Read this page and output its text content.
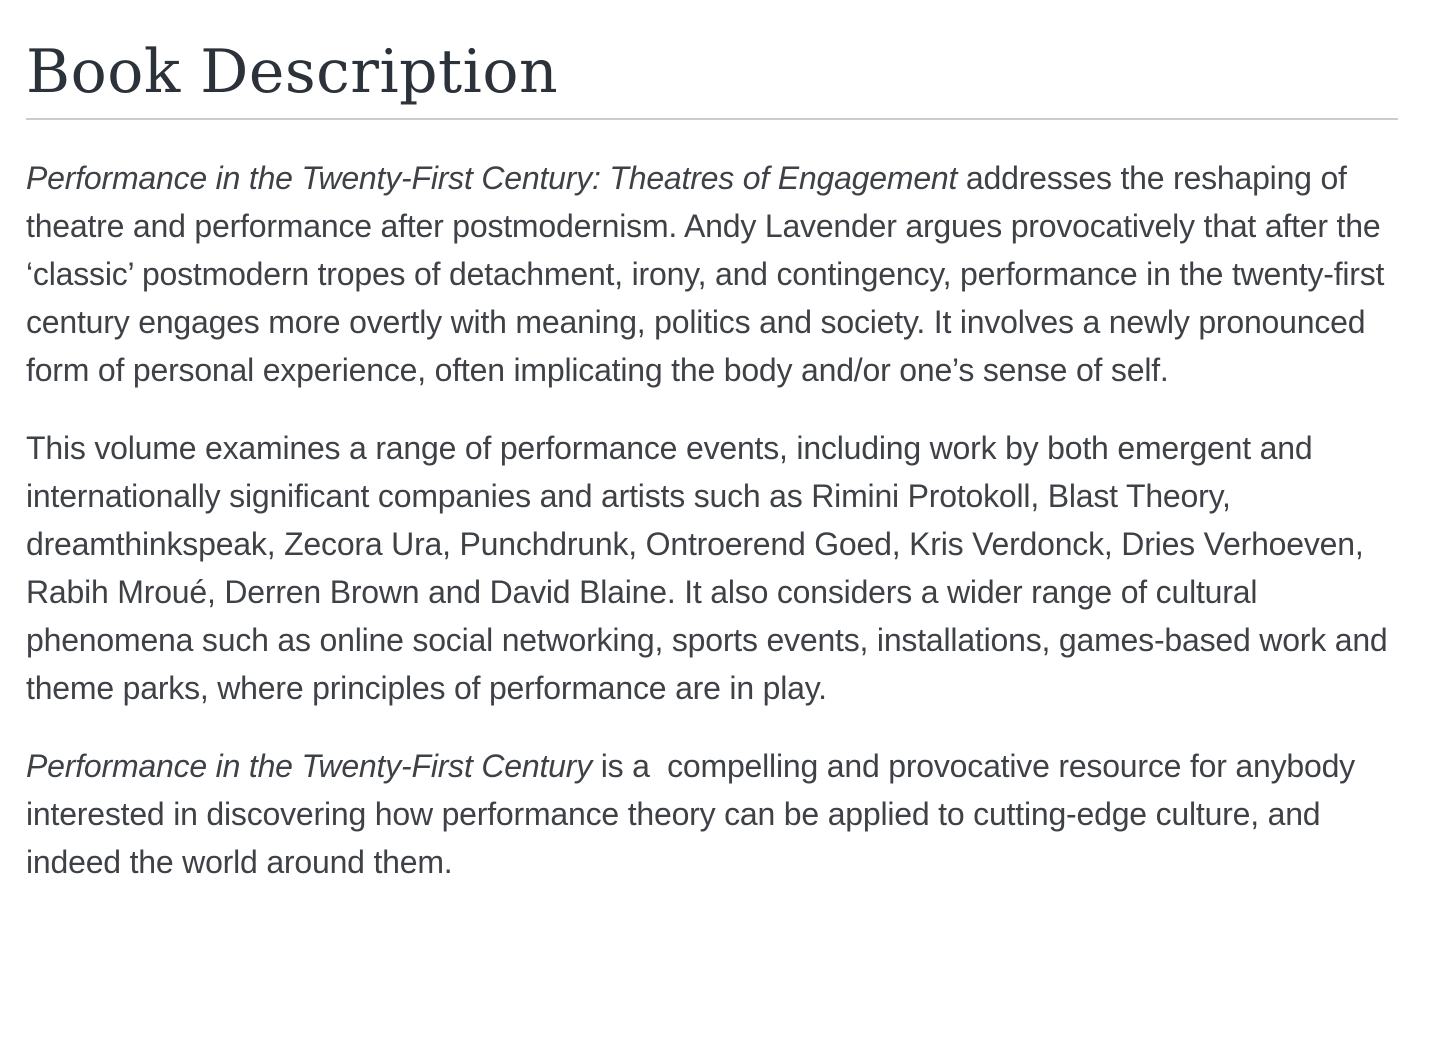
Book Description

Performance in the Twenty-First Century: Theatres of Engagement addresses the reshaping of theatre and performance after postmodernism. Andy Lavender argues provocatively that after the ‘classic’ postmodern tropes of detachment, irony, and contingency, performance in the twenty-first century engages more overtly with meaning, politics and society. It involves a newly pronounced form of personal experience, often implicating the body and/or one’s sense of self.

This volume examines a range of performance events, including work by both emergent and internationally significant companies and artists such as Rimini Protokoll, Blast Theory, dreamthinkspeak, Zecora Ura, Punchdrunk, Ontroerend Goed, Kris Verdonck, Dries Verhoeven, Rabih Mroué, Derren Brown and David Blaine. It also considers a wider range of cultural phenomena such as online social networking, sports events, installations, games-based work and theme parks, where principles of performance are in play.

Performance in the Twenty-First Century is a  compelling and provocative resource for anybody interested in discovering how performance theory can be applied to cutting-edge culture, and indeed the world around them.
